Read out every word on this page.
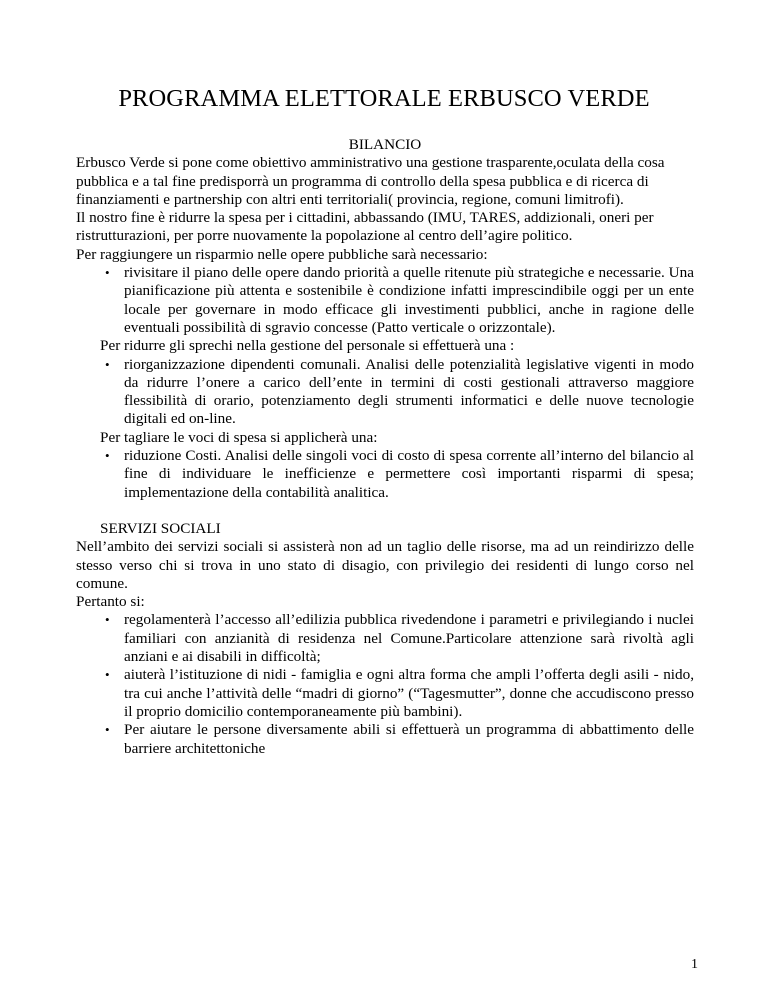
PROGRAMMA ELETTORALE ERBUSCO VERDE

BILANCIO

Erbusco Verde si pone come obiettivo amministrativo una gestione trasparente,oculata della cosa pubblica e a tal fine predisporrà un programma di controllo della spesa pubblica e di ricerca di finanziamenti e partnership con altri enti territoriali( provincia, regione, comuni limitrofi).

Il nostro fine è ridurre la spesa per i cittadini, abbassando (IMU, TARES, addizionali, oneri per ristrutturazioni, per porre nuovamente la popolazione al centro dell’agire politico.

Per raggiungere un risparmio nelle opere pubbliche sarà necessario:

• rivisitare il piano delle opere dando priorità a quelle ritenute più strategiche e necessarie. Una pianificazione più attenta e sostenibile è condizione infatti imprescindibile oggi per un ente locale per governare in modo efficace gli investimenti pubblici, anche in ragione delle eventuali possibilità di sgravio concesse (Patto verticale o orizzontale).

Per ridurre gli sprechi nella gestione del personale si effettuerà una :

• riorganizzazione dipendenti comunali. Analisi delle potenzialità legislative vigenti in modo da ridurre l’onere a carico dell’ente in termini di costi gestionali attraverso maggiore flessibilità di orario, potenziamento degli strumenti informatici e delle nuove tecnologie digitali ed on-line.

Per tagliare le voci di spesa si applicherà una:

• riduzione Costi. Analisi delle singoli voci di costo di spesa corrente all’interno del bilancio al fine di individuare le inefficienze e permettere così importanti risparmi di spesa; implementazione della contabilità analitica.

SERVIZI SOCIALI

Nell’ambito dei servizi sociali si assisterà non ad un taglio delle risorse, ma ad un reindirizzo delle stesso verso chi si trova in uno stato di disagio, con privilegio dei residenti di lungo corso nel comune.

Pertanto si:

• regolamenterà l’accesso all’edilizia pubblica rivedendone i parametri e privilegiando i nuclei familiari con anzianità di residenza nel Comune.Particolare attenzione sarà rivoltà agli anziani e ai disabili in difficoltà;
• aiuterà l’istituzione di nidi - famiglia e ogni altra forma che ampli l’offerta degli asili - nido, tra cui anche l’attività delle “madri di giorno” (“Tagesmutter”, donne che accudiscono presso il proprio domicilio contemporaneamente più bambini).
• Per aiutare le persone diversamente abili si effettuerà un programma di abbattimento delle barriere architettoniche
1
